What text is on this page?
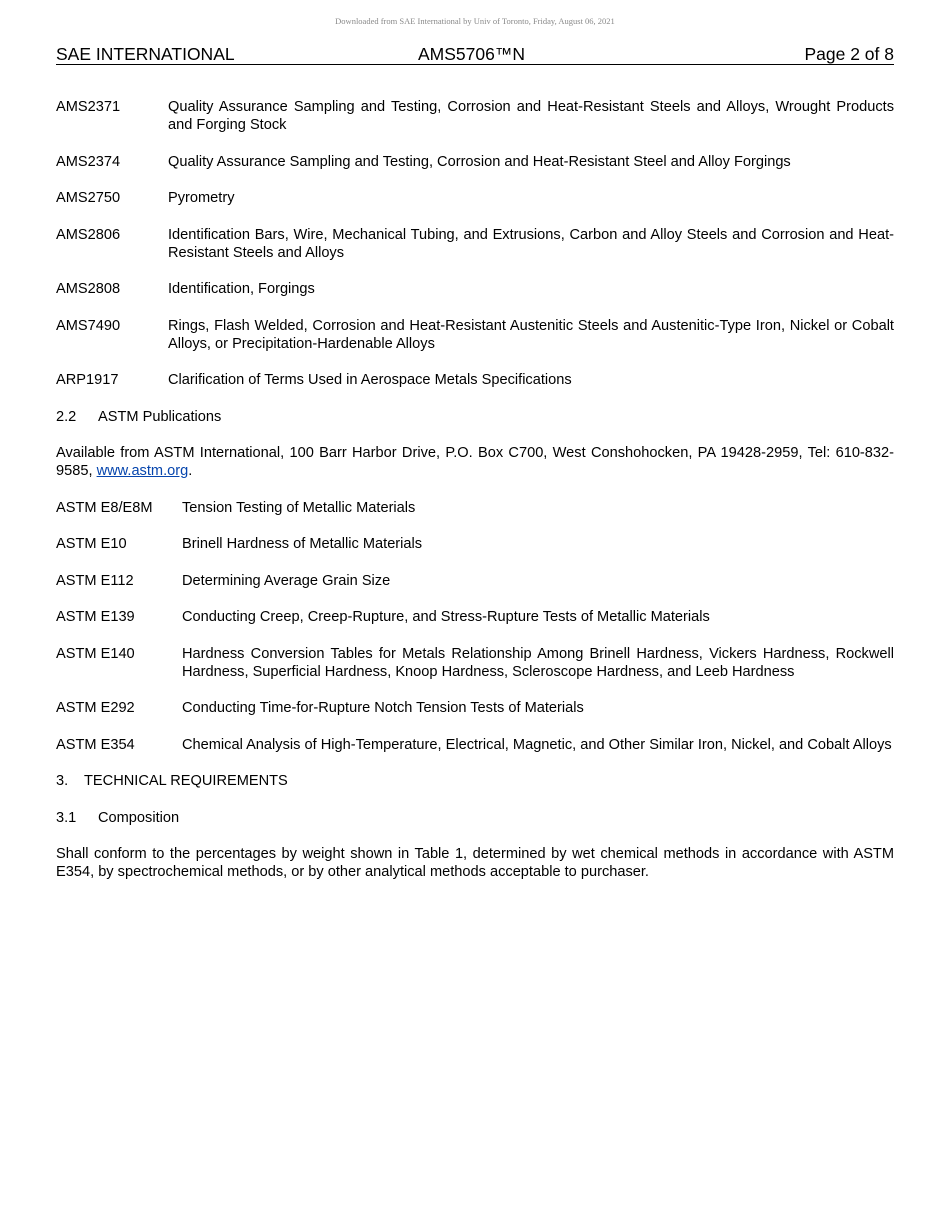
Downloaded from SAE International by Univ of Toronto, Friday, August 06, 2021
SAE INTERNATIONAL	AMS5706™N	Page 2 of 8
AMS2371	Quality Assurance Sampling and Testing, Corrosion and Heat-Resistant Steels and Alloys, Wrought Products and Forging Stock
AMS2374	Quality Assurance Sampling and Testing, Corrosion and Heat-Resistant Steel and Alloy Forgings
AMS2750	Pyrometry
AMS2806	Identification Bars, Wire, Mechanical Tubing, and Extrusions, Carbon and Alloy Steels and Corrosion and Heat-Resistant Steels and Alloys
AMS2808	Identification, Forgings
AMS7490	Rings, Flash Welded, Corrosion and Heat-Resistant Austenitic Steels and Austenitic-Type Iron, Nickel or Cobalt Alloys, or Precipitation-Hardenable Alloys
ARP1917	Clarification of Terms Used in Aerospace Metals Specifications
2.2 ASTM Publications
Available from ASTM International, 100 Barr Harbor Drive, P.O. Box C700, West Conshohocken, PA 19428-2959, Tel: 610-832-9585, www.astm.org.
ASTM E8/E8M	Tension Testing of Metallic Materials
ASTM E10	Brinell Hardness of Metallic Materials
ASTM E112	Determining Average Grain Size
ASTM E139	Conducting Creep, Creep-Rupture, and Stress-Rupture Tests of Metallic Materials
ASTM E140	Hardness Conversion Tables for Metals Relationship Among Brinell Hardness, Vickers Hardness, Rockwell Hardness, Superficial Hardness, Knoop Hardness, Scleroscope Hardness, and Leeb Hardness
ASTM E292	Conducting Time-for-Rupture Notch Tension Tests of Materials
ASTM E354	Chemical Analysis of High-Temperature, Electrical, Magnetic, and Other Similar Iron, Nickel, and Cobalt Alloys
3. TECHNICAL REQUIREMENTS
3.1 Composition
Shall conform to the percentages by weight shown in Table 1, determined by wet chemical methods in accordance with ASTM E354, by spectrochemical methods, or by other analytical methods acceptable to purchaser.
